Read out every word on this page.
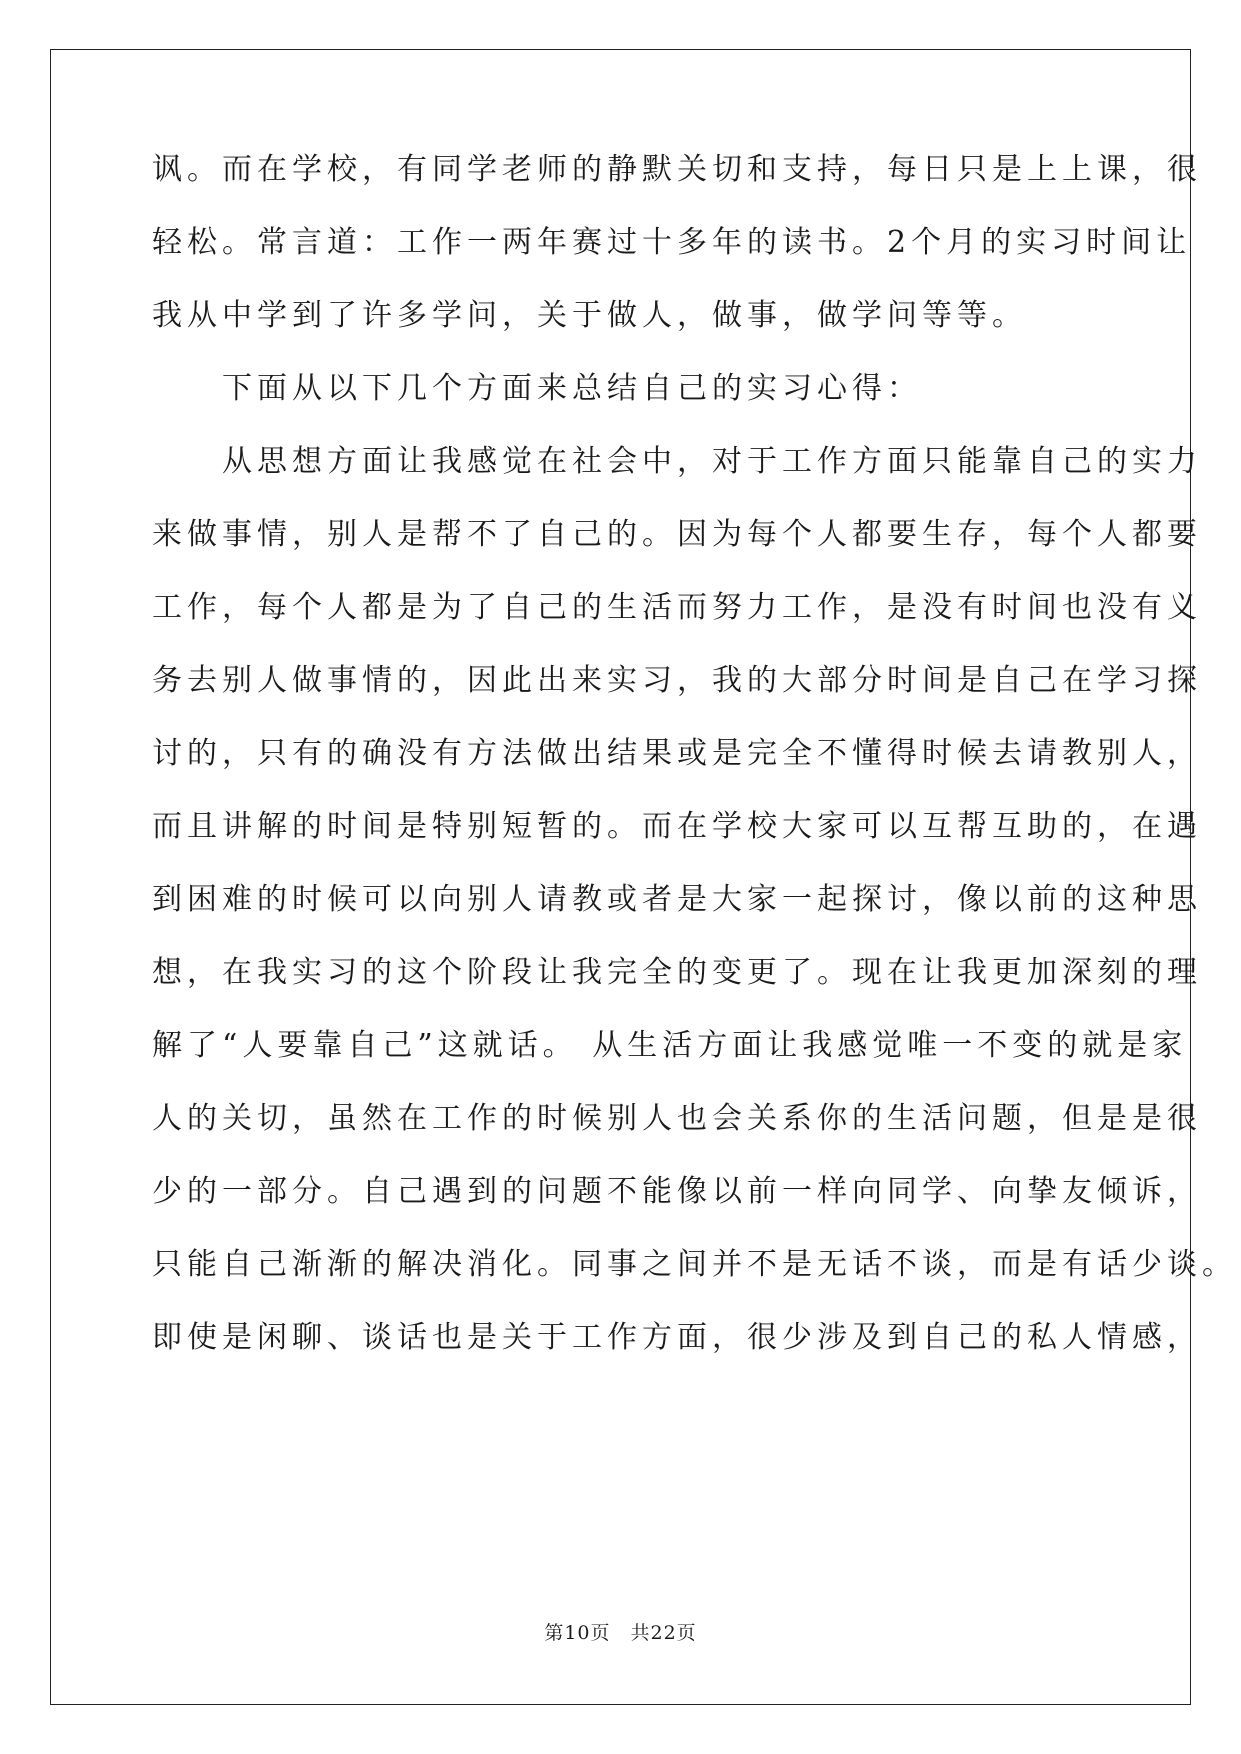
讽。而在学校，有同学老师的静默关切和支持，每日只是上上课，很
轻松。常言道：工作一两年赛过十多年的读书。2个月的实习时间让
我从中学到了许多学问，关于做人，做事，做学问等等。
　　下面从以下几个方面来总结自己的实习心得：
　　从思想方面让我感觉在社会中，对于工作方面只能靠自己的实力
来做事情，别人是帮不了自己的。因为每个人都要生存，每个人都要
工作，每个人都是为了自己的生活而努力工作，是没有时间也没有义
务去别人做事情的，因此出来实习，我的大部分时间是自己在学习探
讨的，只有的确没有方法做出结果或是完全不懂得时候去请教别人，
而且讲解的时间是特别短暂的。而在学校大家可以互帮互助的，在遇
到困难的时候可以向别人请教或者是大家一起探讨，像以前的这种思
想，在我实习的这个阶段让我完全的变更了。现在让我更加深刻的理
解了“人要靠自己”这就话。 从生活方面让我感觉唯一不变的就是家
人的关切，虽然在工作的时候别人也会关系你的生活问题，但是是很
少的一部分。自己遇到的问题不能像以前一样向同学、向挚友倾诉，
只能自己渐渐的解决消化。同事之间并不是无话不谈，而是有话少谈。
即使是闲聊、谈话也是关于工作方面，很少涉及到自己的私人情感，
第10页 共22页
